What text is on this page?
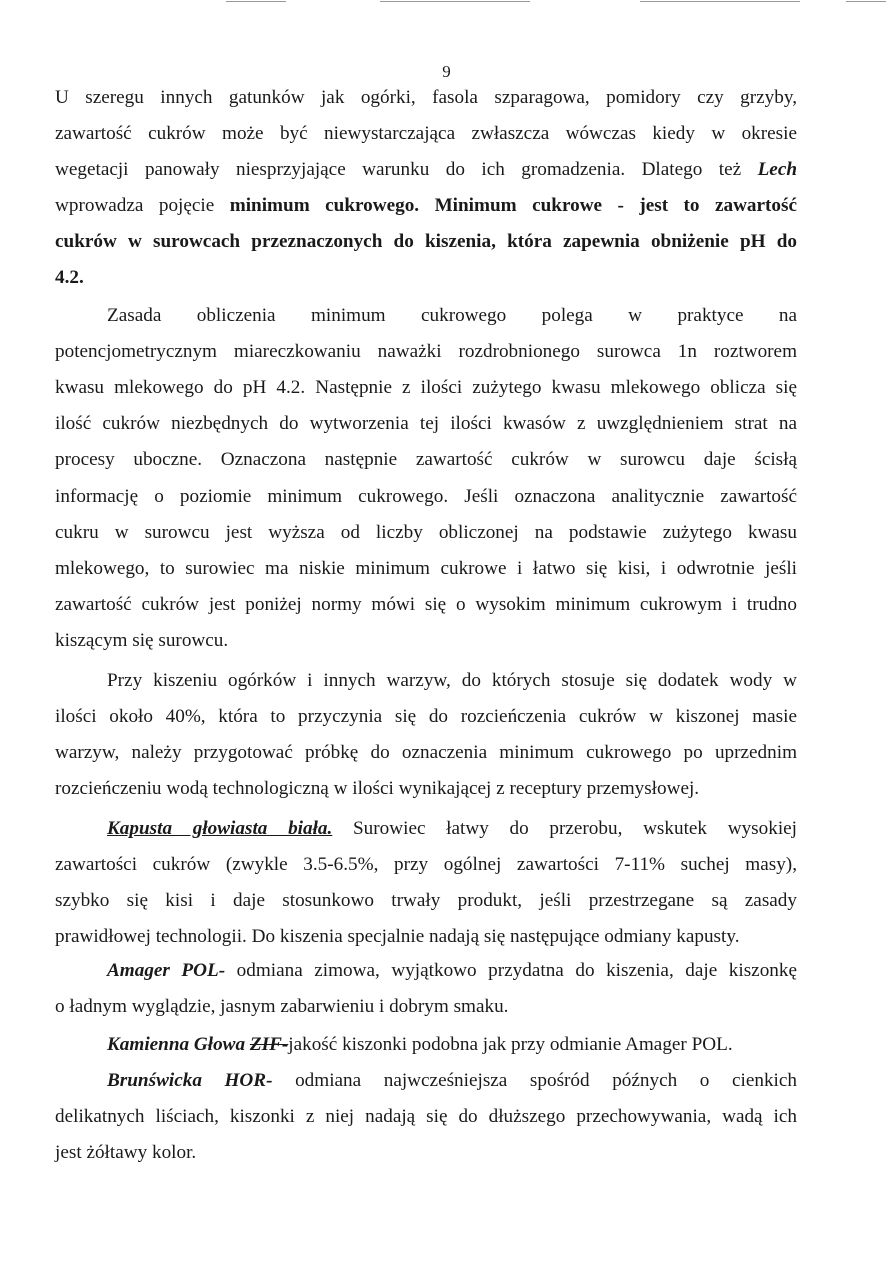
9
U szeregu innych gatunków jak ogórki, fasola szparagowa, pomidory czy grzyby,
zawartość cukrów może być niewystarczająca zwłaszcza wówczas kiedy w okresie
wegetacji panowały niesprzyjające warunku do ich gromadzenia. Dlatego też Lech
wprowadza pojęcie minimum cukrowego. Minimum cukrowe - jest to zawartość
cukrów w surowcach przeznaczonych do kiszenia, która zapewnia obniżenie pH do
4.2.
Zasada obliczenia minimum cukrowego polega w praktyce na
potencjometrycznym miareczkowaniu naważki rozdrobnionego surowca 1n roztworem
kwasu mlekowego do pH 4.2. Następnie z ilości zużytego kwasu mlekowego oblicza się
ilość cukrów niezbędnych do wytworzenia tej ilości kwasów z uwzględnieniem strat na
procesy uboczne. Oznaczona następnie zawartość cukrów w surowcu daje ścisłą
informację o poziomie minimum cukrowego. Jeśli oznaczona analitycznie zawartość
cukru w surowcu jest wyższa od liczby obliczonej na podstawie zużytego kwasu
mlekowego, to surowiec ma niskie minimum cukrowe i łatwo się kisi, i odwrotnie jeśli
zawartość cukrów jest poniżej normy mówi się o wysokim minimum cukrowym i trudno
kiszącym się surowcu.
Przy kiszeniu ogórków i innych warzyw, do których stosuje się dodatek wody w
ilości około 40%, która to przyczynia się do rozcieńczenia cukrów w kiszonej masie
warzyw, należy przygotować próbkę do oznaczenia minimum cukrowego po uprzednim
rozcieńczeniu wodą technologiczną w ilości wynikającej z receptury przemysłowej.
Kapusta głowiasta biała. Surowiec łatwy do przerobu, wskutek wysokiej
zawartości cukrów (zwykle 3.5-6.5%, przy ogólnej zawartości 7-11% suchej masy),
szybko się kisi i daje stosunkowo trwały produkt, jeśli przestrzegane są zasady
prawidłowej technologii. Do kiszenia specjalnie nadają się następujące odmiany kapusty.
Amager POL- odmiana zimowa, wyjątkowo przydatna do kiszenia, daje kiszonkę
o ładnym wyglądzie, jasnym zabarwieniu i dobrym smaku.
Kamienna Głowa ZIF-jakość kiszonki podobna jak przy odmianie Amager POL.
Brunświcka HOR- odmiana najwcześniejsza spośród późnych o cienkich
delikatnych liściach, kiszonki z niej nadają się do dłuższego przechowywania, wadą ich
jest żółtawy kolor.
